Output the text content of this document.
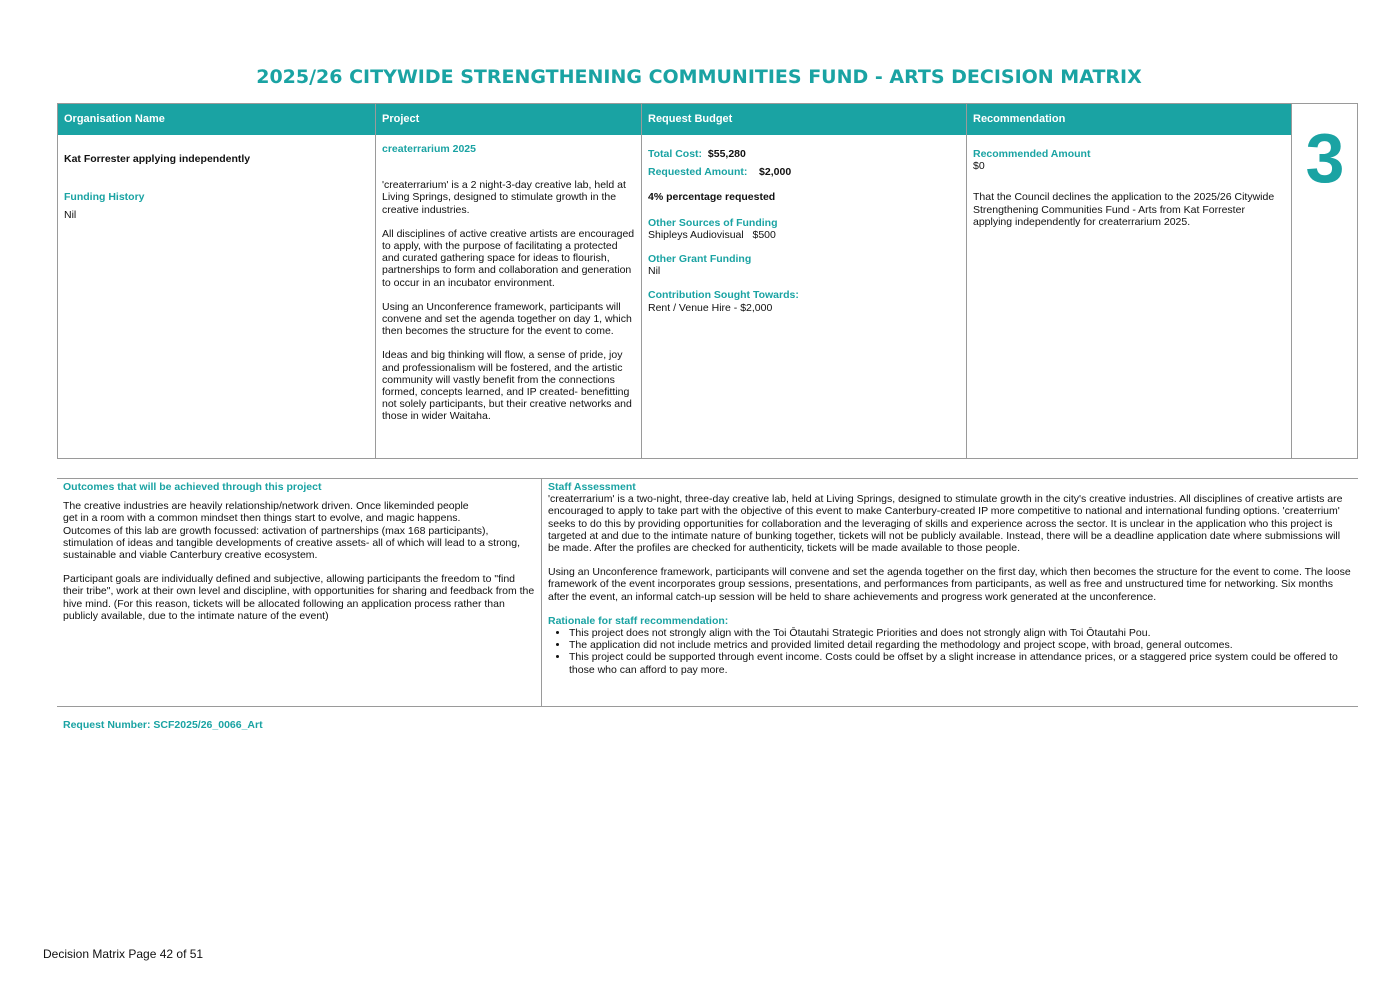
2025/26 CITYWIDE STRENGTHENING COMMUNITIES FUND - ARTS DECISION MATRIX
Organisation Name

Kat Forrester applying independently

Funding History

Nil

Project

createrrarium 2025

'createrrarium' is a 2 night-3-day creative lab, held at Living Springs, designed to stimulate growth in the creative industries.

All disciplines of active creative artists are encouraged to apply, with the purpose of facilitating a protected and curated gathering space for ideas to flourish, partnerships to form and collaboration and generation to occur in an incubator environment.

Using an Unconference framework, participants will convene and set the agenda together on day 1, which then becomes the structure for the event to come.

Ideas and big thinking will flow, a sense of pride, joy and professionalism will be fostered, and the artistic community will vastly benefit from the connections formed, concepts learned, and IP created- benefitting not solely participants, but their creative networks and those in wider Waitaha.

Request Budget

Total Cost: $55,280

Requested Amount: $2,000

4% percentage requested

Other Sources of Funding

Shipleys Audiovisual   $500

Other Grant Funding

Nil

Contribution Sought Towards:

Rent / Venue Hire - $2,000

Recommendation

Recommended Amount

$0

That the Council declines the application to the 2025/26 Citywide Strengthening Communities Fund - Arts from Kat Forrester applying independently for createrrarium 2025.

3

Outcomes that will be achieved through this project

The creative industries are heavily relationship/network driven. Once likeminded people

get in a room with a common mindset then things start to evolve, and magic happens.

Outcomes of this lab are growth focussed: activation of partnerships (max 168 participants),

stimulation of ideas and tangible developments of creative assets- all of which will lead to a strong,

sustainable and viable Canterbury creative ecosystem.

Participant goals are individually defined and subjective, allowing participants the freedom to "find their tribe", work at their own level and discipline, with opportunities for sharing and feedback from the hive mind. (For this reason, tickets will be allocated following an application process rather than publicly available, due to the intimate nature of the event)

Staff Assessment

'createrrarium' is a two-night, three-day creative lab, held at Living Springs, designed to stimulate growth in the city's creative industries. All disciplines of creative artists are encouraged to apply to take part with the objective of this event to make Canterbury-created IP more competitive to national and international funding options. 'createrrium' seeks to do this by providing opportunities for collaboration and the leveraging of skills and experience across the sector. It is unclear in the application who this project is targeted at and due to the intimate nature of bunking together, tickets will not be publicly available. Instead, there will be a deadline application date where submissions will be made. After the profiles are checked for authenticity, tickets will be made available to those people.

Using an Unconference framework, participants will convene and set the agenda together on the first day, which then becomes the structure for the event to come. The loose framework of the event incorporates group sessions, presentations, and performances from participants, as well as free and unstructured time for networking. Six months after the event, an informal catch-up session will be held to share achievements and progress work generated at the unconference.

Rationale for staff recommendation:

• This project does not strongly align with the Toi Ōtautahi Strategic Priorities and does not strongly align with Toi Ōtautahi Pou.
• The application did not include metrics and provided limited detail regarding the methodology and project scope, with broad, general outcomes.
• This project could be supported through event income. Costs could be offset by a slight increase in attendance prices, or a staggered price system could be offered to those who can afford to pay more.
Request Number: SCF2025/26_0066_Art
Decision Matrix Page 42 of 51
